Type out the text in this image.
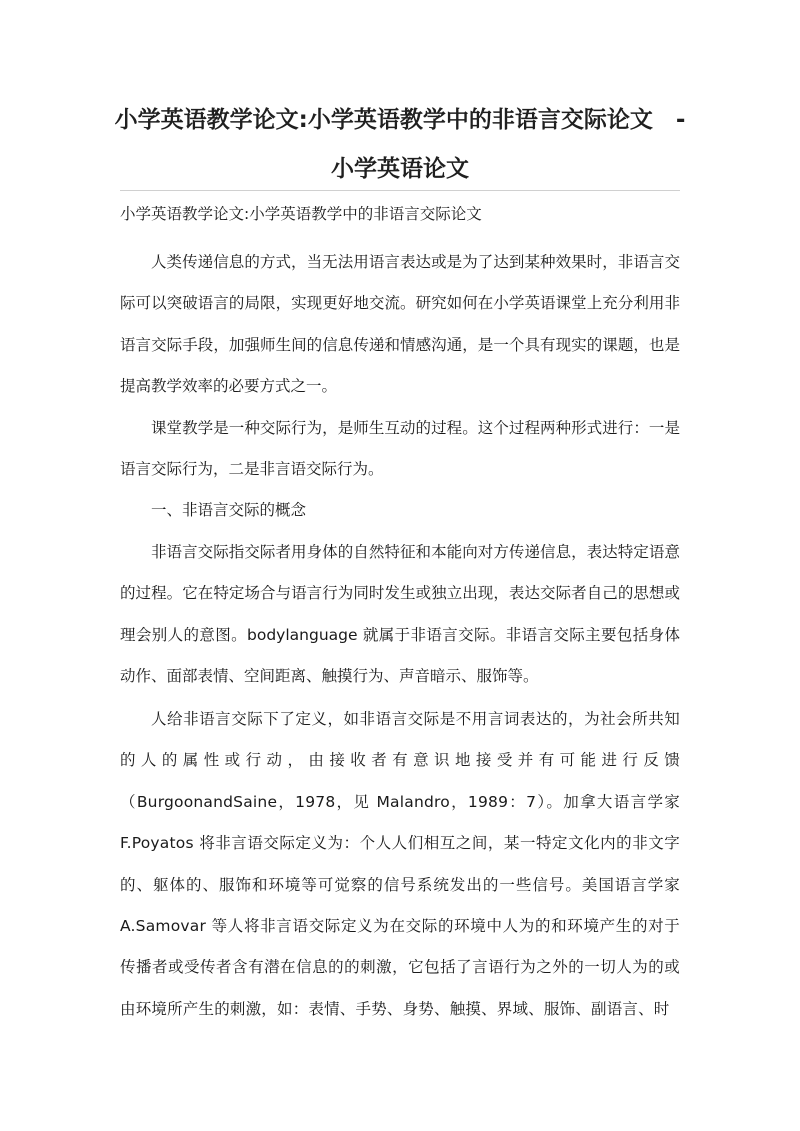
小学英语教学论文:小学英语教学中的非语言交际论文　-小学英语论文

小学英语教学论文:小学英语教学中的非语言交际论文

人类传递信息的方式，当无法用语言表达或是为了达到某种效果时，非语言交际可以突破语言的局限，实现更好地交流。研究如何在小学英语课堂上充分利用非语言交际手段，加强师生间的信息传递和情感沟通，是一个具有现实的课题，也是提高教学效率的必要方式之一。

课堂教学是一种交际行为，是师生互动的过程。这个过程两种形式进行：一是语言交际行为，二是非言语交际行为。

一、非语言交际的概念

非语言交际指交际者用身体的自然特征和本能向对方传递信息，表达特定语意的过程。它在特定场合与语言行为同时发生或独立出现，表达交际者自己的思想或理会别人的意图。bodylanguage 就属于非语言交际。非语言交际主要包括身体动作、面部表情、空间距离、触摸行为、声音暗示、服饰等。

人给非语言交际下了定义，如非语言交际是不用言词表达的，为社会所共知的人的属性或行动，由接收者有意识地接受并有可能进行反馈（BurgoonandSaine，1978，见 Malandro，1989：7）。加拿大语言学家 F.Poyatos 将非言语交际定义为：个人人们相互之间，某一特定文化内的非文字的、躯体的、服饰和环境等可觉察的信号系统发出的一些信号。美国语言学家 A.Samovar 等人将非言语交际定义为在交际的环境中人为的和环境产生的对于传播者或受传者含有潜在信息的的刺激，它包括了言语行为之外的一切人为的或由环境所产生的刺激，如：表情、手势、身势、触摸、界域、服饰、副语言、时
